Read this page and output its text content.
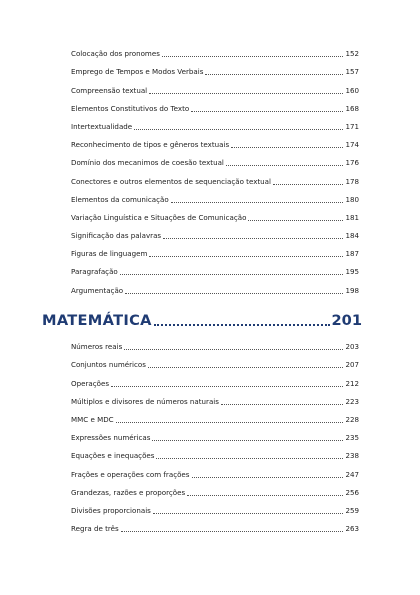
Colocação dos pronomes	152
Emprego de Tempos e Modos Verbais	157
Compreensão textual	160
Elementos Constitutivos do Texto	168
Intertextualidade	171
Reconhecimento de tipos e gêneros textuais	174
Domínio dos mecanimos de coesão textual	176
Conectores e outros elementos de sequenciação textual	178
Elementos da comunicação	180
Variação Linguística e Situações de Comunicação	181
Significação das palavras	184
Figuras de linguagem	187
Paragrafação	195
Argumentação	198
MATEMÁTICA	201
Números reais	203
Conjuntos numéricos	207
Operações	212
Múltiplos e divisores de números naturais	223
MMC e MDC	228
Expressões numéricas	235
Equações e inequações	238
Frações e operações com frações	247
Grandezas, razões e proporções	256
Divisões proporcionais	259
Regra de três	263
